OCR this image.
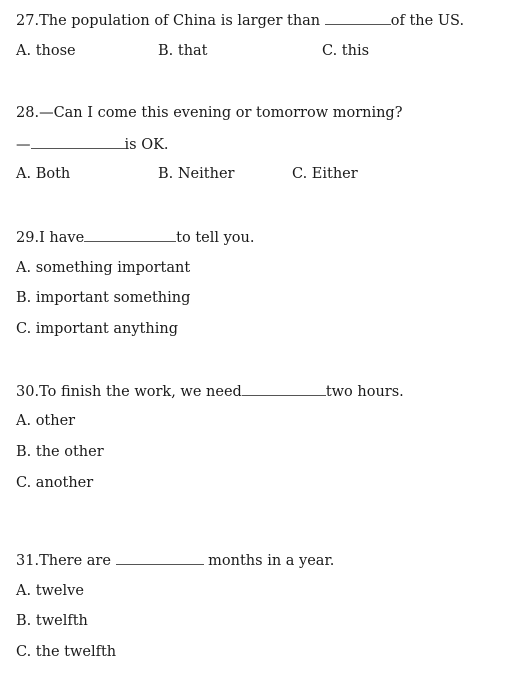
27.The population of China is larger than	of the US.
A. those	B. that	C. this
28.—Can I come this evening or tomorrow morning?
—	is OK.
A. Both	B. Neither	C. Either
29.I have	to tell you.
A. something important
B. important something
C. important anything
30.To finish the work, we need	two hours.
A. other
B. the other
C. another
31.There are	months in a year.
A. twelve
B. twelfth
C. the twelfth
